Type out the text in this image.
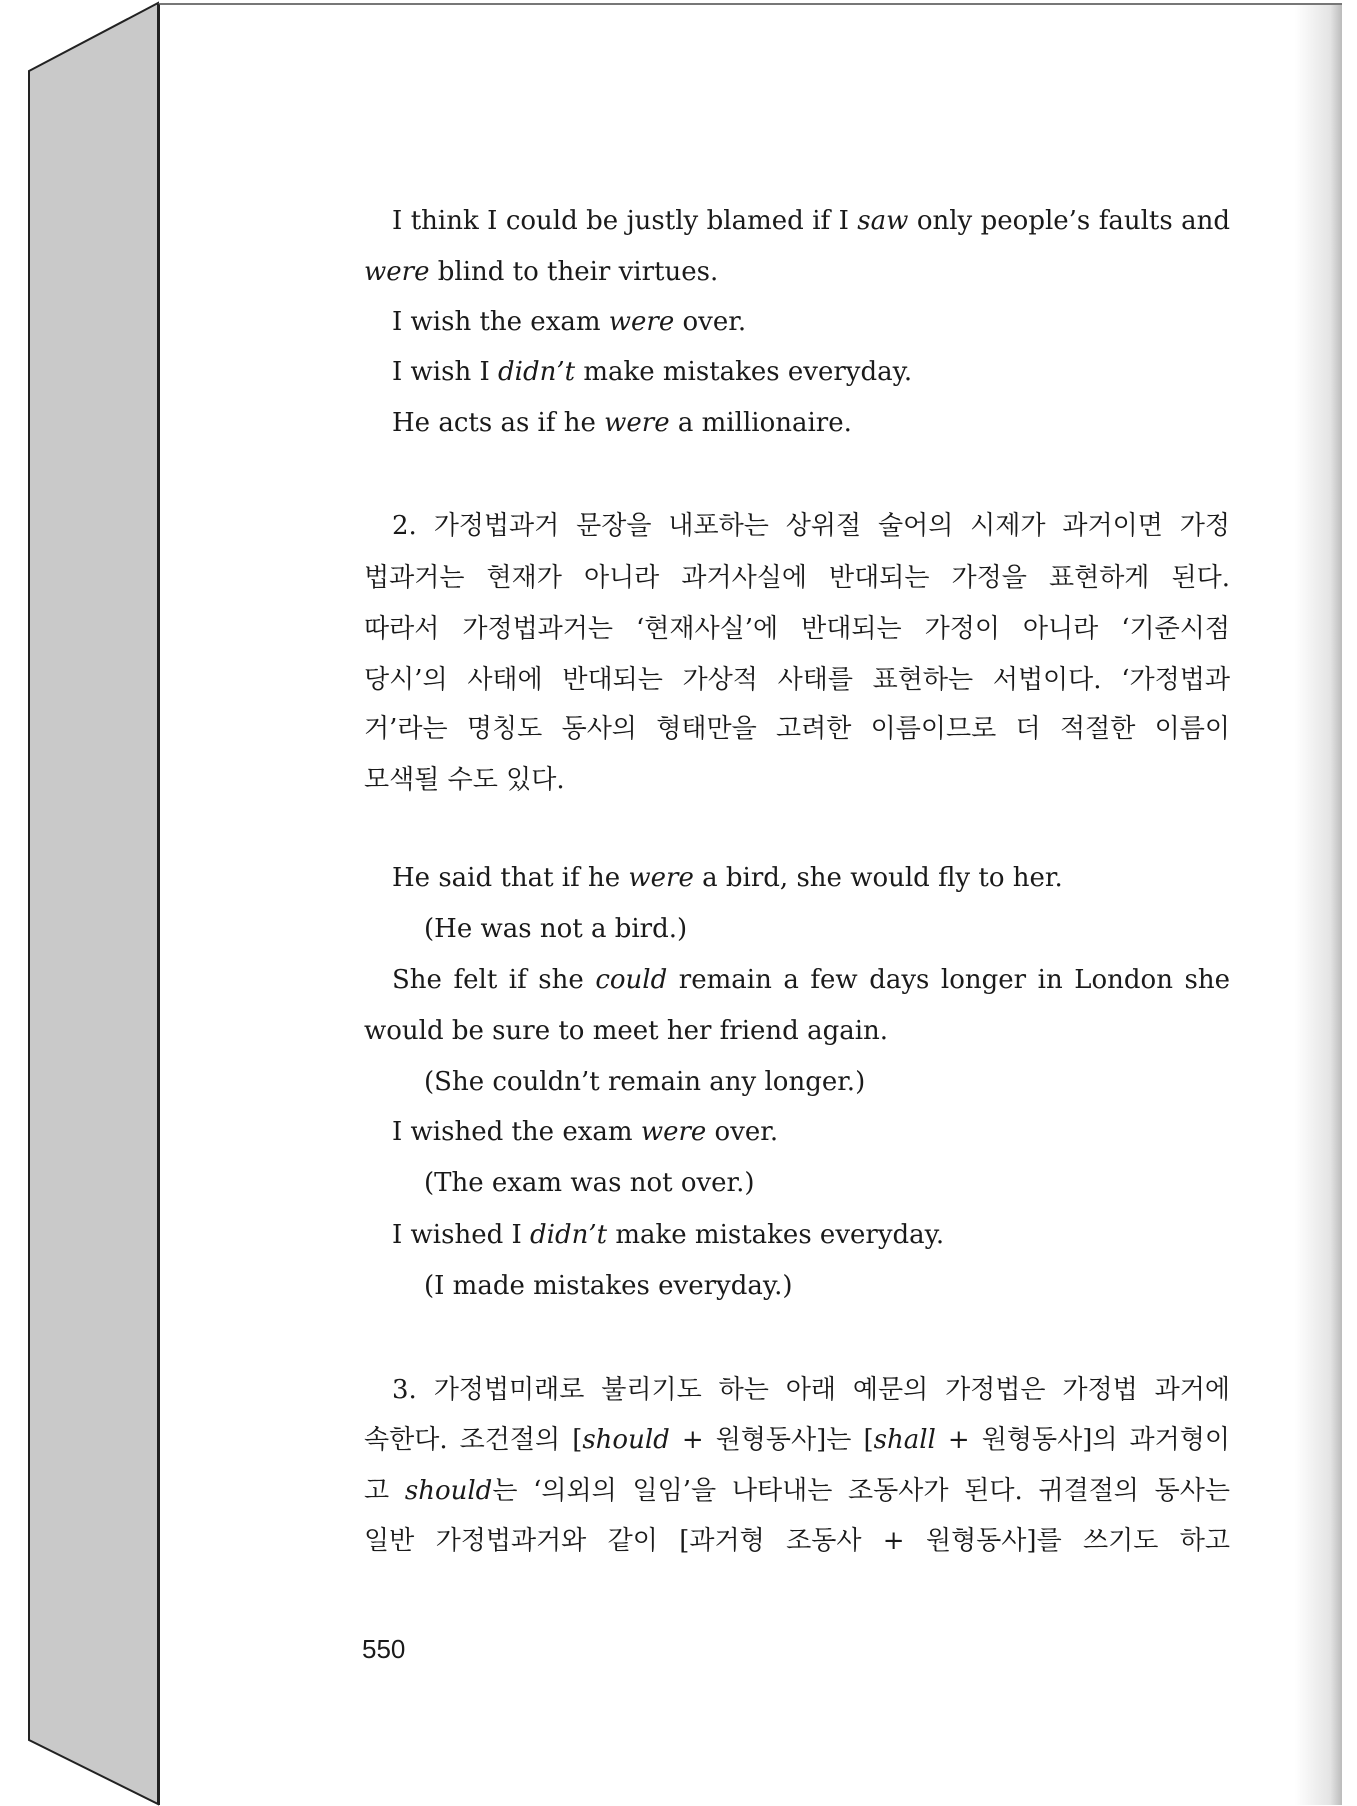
I think I could be justly blamed if I saw only people’s faults and
were blind to their virtues.
I wish the exam were over.
I wish I didn’t make mistakes everyday.
He acts as if he were a millionaire.
2. 가정법과거 문장을 내포하는 상위절 술어의 시제가 과거이면 가정
법과거는 현재가 아니라 과거사실에 반대되는 가정을 표현하게 된다.
따라서 가정법과거는 ‘현재사실’에 반대되는 가정이 아니라 ‘기준시점
당시’의 사태에 반대되는 가상적 사태를 표현하는 서법이다. ‘가정법과
거’라는 명칭도 동사의 형태만을 고려한 이름이므로 더 적절한 이름이
모색될 수도 있다.
He said that if he were a bird, she would fly to her.
(He was not a bird.)
She felt if she could remain a few days longer in London she
would be sure to meet her friend again.
(She couldn’t remain any longer.)
I wished the exam were over.
(The exam was not over.)
I wished I didn’t make mistakes everyday.
(I made mistakes everyday.)
3. 가정법미래로 불리기도 하는 아래 예문의 가정법은 가정법 과거에
속한다. 조건절의 [should + 원형동사]는 [shall + 원형동사]의 과거형이
고 should는 ‘의외의 일임’을 나타내는 조동사가 된다. 귀결절의 동사는
일반 가정법과거와 같이 [과거형 조동사 + 원형동사]를 쓰기도 하고
550
